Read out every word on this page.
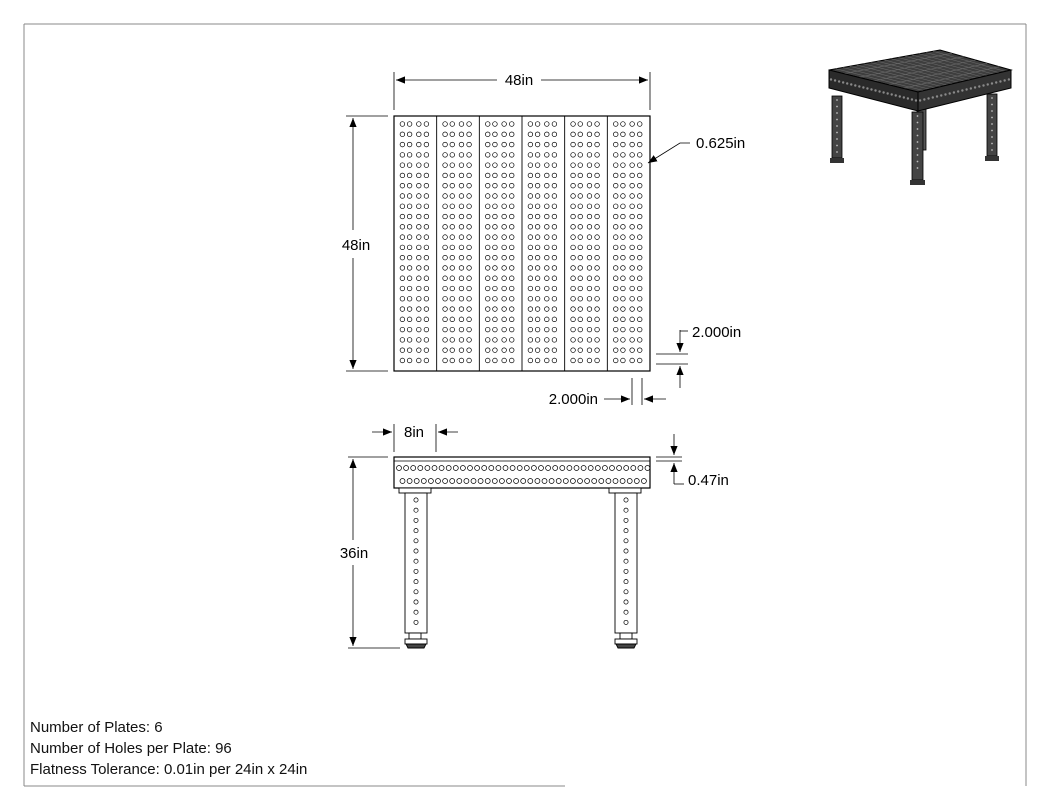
48in
48in
0.625in
2.000in
2.000in
8in
0.47in
36in
Number of Plates: 6
Number of Holes per Plate: 96
Flatness Tolerance: 0.01in per 24in x 24in
